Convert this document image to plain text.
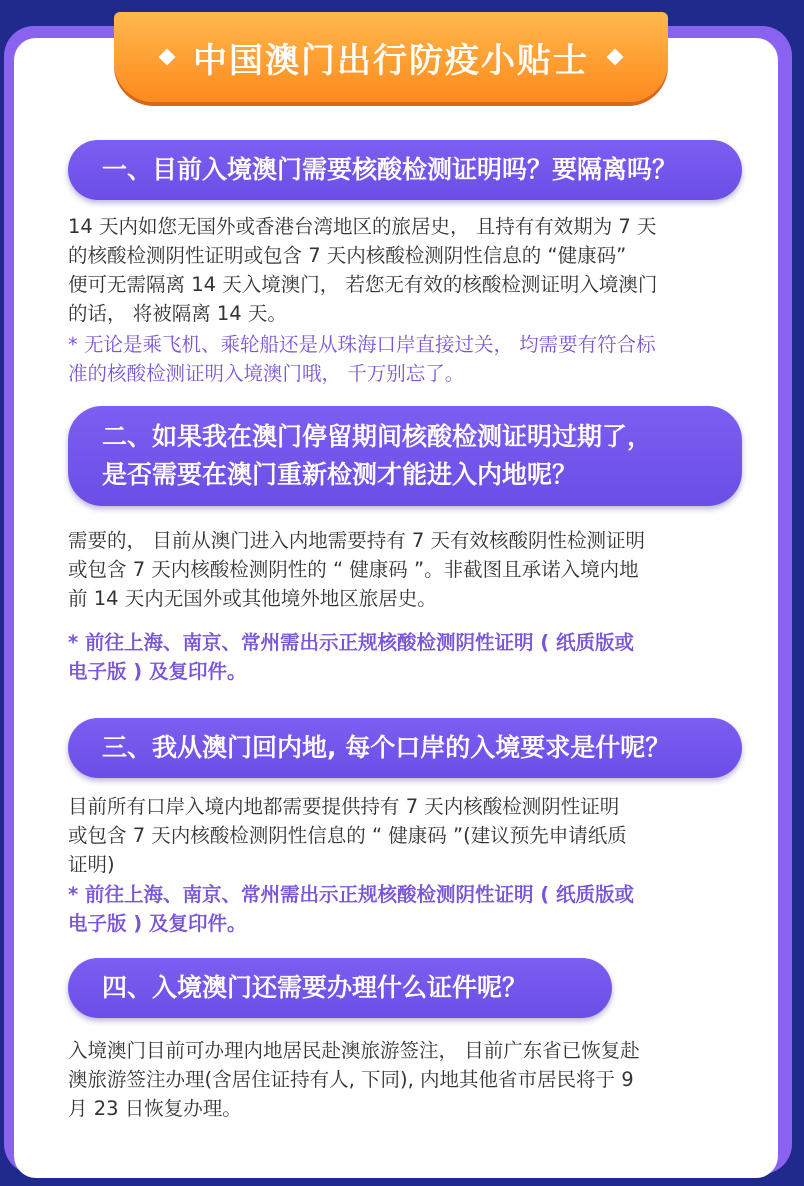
中国澳门出行防疫小贴士
一、目前入境澳门需要核酸检测证明吗？要隔离吗？
14 天内如您无国外或香港台湾地区的旅居史， 且持有有效期为 7 天
的核酸检测阴性证明或包含 7 天内核酸检测阴性信息的 “健康码”
便可无需隔离 14 天入境澳门， 若您无有效的核酸检测证明入境澳门
的话， 将被隔离 14 天。
* 无论是乘飞机、乘轮船还是从珠海口岸直接过关， 均需要有符合标
准的核酸检测证明入境澳门哦， 千万别忘了。
二、如果我在澳门停留期间核酸检测证明过期了，
是否需要在澳门重新检测才能进入内地呢？
需要的， 目前从澳门进入内地需要持有 7 天有效核酸阴性检测证明
或包含 7 天内核酸检测阴性的 “ 健康码 ”。非截图且承诺入境内地
前 14 天内无国外或其他境外地区旅居史。
* 前往上海、南京、常州需出示正规核酸检测阴性证明 ( 纸质版或
电子版 ) 及复印件。
三、我从澳门回内地, 每个口岸的入境要求是什呢？
目前所有口岸入境内地都需要提供持有 7 天内核酸检测阴性证明
或包含 7 天内核酸检测阴性信息的 “ 健康码 ”(建议预先申请纸质
证明)
* 前往上海、南京、常州需出示正规核酸检测阴性证明 ( 纸质版或
电子版 ) 及复印件。
四、入境澳门还需要办理什么证件呢？
入境澳门目前可办理内地居民赴澳旅游签注， 目前广东省已恢复赴
澳旅游签注办理(含居住证持有人, 下同), 内地其他省市居民将于 9
月 23 日恢复办理。
